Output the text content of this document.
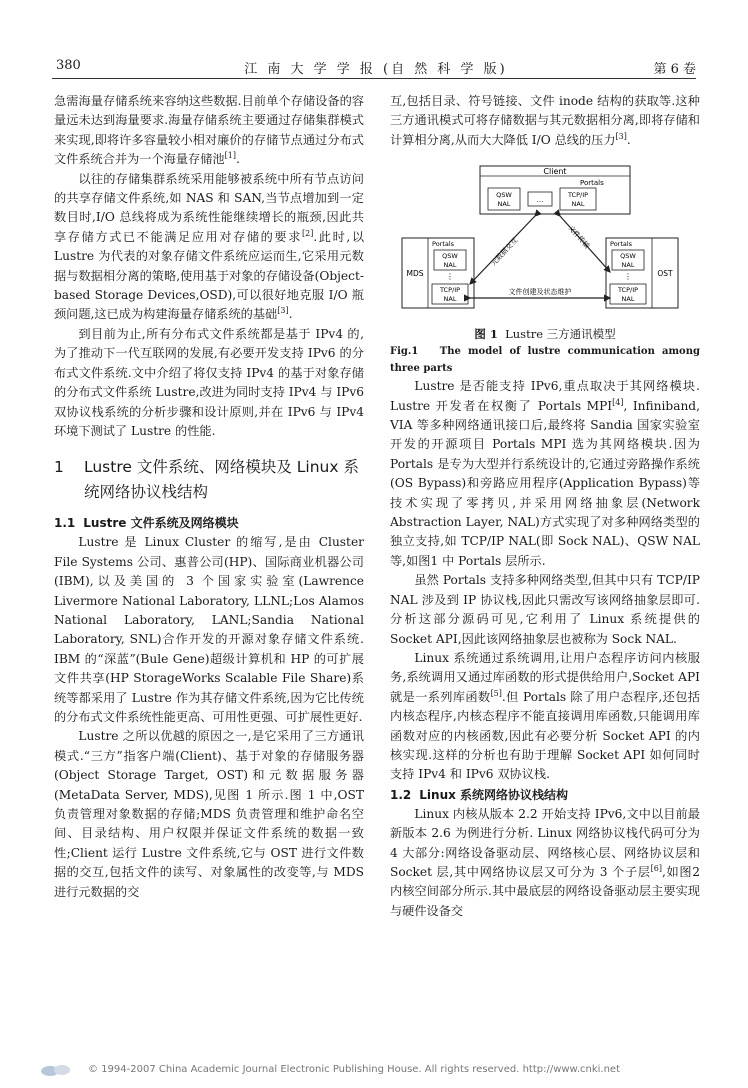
380	江 南 大 学 学 报 (自 然 科 学 版)	第 6 卷

急需海量存储系统来容纳这些数据.目前单个存储设备的容量远未达到海量要求.海量存储系统主要通过存储集群模式来实现,即将许多容量较小相对廉价的存储节点通过分布式文件系统合并为一个海量存储池[1].

以往的存储集群系统采用能够被系统中所有节点访问的共享存储文件系统,如 NAS 和 SAN,当节点增加到一定数目时,I/O 总线将成为系统性能继续增长的瓶颈,因此共享存储方式已不能满足应用对存储的要求[2].此时,以 Lustre 为代表的对象存储文件系统应运而生,它采用元数据与数据相分离的策略,使用基于对象的存储设备(Object-based Storage Devices,OSD),可以很好地克服 I/O 瓶颈问题,这已成为构建海量存储系统的基础[3].

到目前为止,所有分布式文件系统都是基于 IPv4 的,为了推动下一代互联网的发展,有必要开发支持 IPv6 的分布式文件系统.文中介绍了将仅支持 IPv4 的基于对象存储的分布式文件系统 Lustre,改进为同时支持 IPv4 与 IPv6 双协议栈系统的分析步骤和设计原则,并在 IPv6 与 IPv4 环境下测试了 Lustre 的性能.

1 Lustre 文件系统、网络模块及 Linux 系统网络协议栈结构
1.1 Lustre 文件系统及网络模块

Lustre 是 Linux Cluster 的缩写,是由 Cluster File Systems 公司、惠普公司(HP)、国际商业机器公司(IBM),以及美国的 3 个国家实验室(Lawrence Livermore National Laboratory, LLNL;Los Alamos National Laboratory, LANL;Sandia National Laboratory, SNL)合作开发的开源对象存储文件系统. IBM 的“深蓝”(Bule Gene)超级计算机和 HP 的可扩展文件共享(HP StorageWorks Scalable File Share)系统等都采用了 Lustre 作为其存储文件系统,因为它比传统的分布式文件系统性能更高、可用性更强、可扩展性更好.

Lustre 之所以优越的原因之一,是它采用了三方通讯模式.“三方”指客户端(Client)、基于对象的存储服务器(Object Storage Target, OST)和元数据服务器(MetaData Server, MDS),见图 1 所示.图 1 中,OST 负责管理对象数据的存储;MDS 负责管理和维护命名空间、目录结构、用户权限并保证文件系统的数据一致性;Client 运行 Lustre 文件系统,它与 OST 进行文件数据的交互,包括文件的读写、对象属性的改变等,与 MDS 进行元数据的交

互,包括目录、符号链接、文件 inode 结构的获取等.这种三方通讯模式可将存储数据与其元数据相分离,即将存储和计算相分离,从而大大降低 I/O 总线的压力[3].

Client
Portals
QSW
NAL	...
TCP/IP
NAL
MDS
Portals
QSW
NAL
⋮
TCP/IP
NAL
OST
Portals
QSW
NAL
⋮
TCP/IP
NAL
元数据交互	文件传输
文件创建及状态维护
图 1 Lustre 三方通讯模型
Fig.1 The model of lustre communication among three parts

Lustre 是否能支持 IPv6,重点取决于其网络模块. Lustre 开发者在权衡了 Portals MPI[4], Infiniband, VIA 等多种网络通讯接口后,最终将 Sandia 国家实验室开发的开源项目 Portals MPI 选为其网络模块.因为 Portals 是专为大型并行系统设计的,它通过旁路操作系统(OS Bypass)和旁路应用程序(Application Bypass)等技术实现了零拷贝,并采用网络抽象层(Network Abstraction Layer, NAL)方式实现了对多种网络类型的独立支持,如 TCP/IP NAL(即 Sock NAL)、QSW NAL 等,如图1 中 Portals 层所示.

虽然 Portals 支持多种网络类型,但其中只有 TCP/IP NAL 涉及到 IP 协议栈,因此只需改写该网络抽象层即可.分析这部分源码可见,它利用了 Linux 系统提供的 Socket API,因此该网络抽象层也被称为 Sock NAL.

Linux 系统通过系统调用,让用户态程序访问内核服务,系统调用又通过库函数的形式提供给用户,Socket API 就是一系列库函数[5].但 Portals 除了用户态程序,还包括内核态程序,内核态程序不能直接调用库函数,只能调用库函数对应的内核函数,因此有必要分析 Socket API 的内核实现.这样的分析也有助于理解 Socket API 如何同时支持 IPv4 和 IPv6 双协议栈.

1.2 Linux 系统网络协议栈结构

Linux 内核从版本 2.2 开始支持 IPv6,文中以目前最新版本 2.6 为例进行分析. Linux 网络协议栈代码可分为 4 大部分:网络设备驱动层、网络核心层、网络协议层和 Socket 层,其中网络协议层又可分为 3 个子层[6],如图2 内核空间部分所示.其中最底层的网络设备驱动层主要实现与硬件设备交

© 1994-2007 China Academic Journal Electronic Publishing House. All rights reserved. http://www.cnki.net
